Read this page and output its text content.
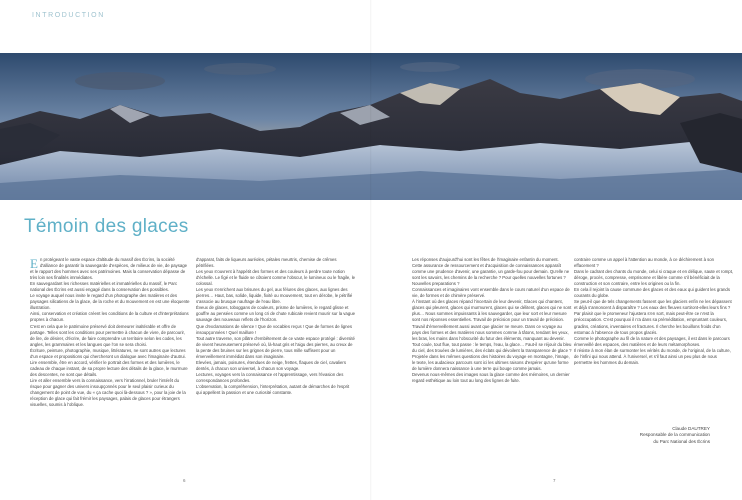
INTRODUCTION
Témoin des glaces

En protégeant le vaste espace d'altitude du massif des Écrins, la société d'alliance de garantir la sauvegarde d'espèces, de milieux de vie, de paysage et le rapport des hommes avec ses patrimoines. Mais la conservation dépasse de très loin ses finalités immédiates.

En sauvegardant les richesses matérielles et immatérielles du massif, le Parc national des Écrins est aussi engagé dans la conservation des possibles.

Le voyage auquel nous invite le regard d'un photographe des matières et des paysages silicatiens de la glace, de la roche et du mouvement en est une éloquente illustration.

Ainsi, conservation et création créent les conditions de la culture et d'interprétations propres à chacun.

C'est en cela que le patrimoine préservé doit demeurer inaltérable et offre de partage. Telles sont les conditions pour permettre à chacun de vivre, de parcourir, de lire, de désirer, d'écrire, de faire comprendre un territoire selon les codes, les angles, les grammaires et les langues que l'on se sera choisi.

Écriture, peinture, photographie, musique, littératures, ne sont autres que lectures d'un espace et propositions qui chercheront un dialogue avec l'imaginaire d'autrui.

Lire ensemble, être en accord, vérifier le portrait des formes et des lumières, le cadeau de chaque instant, de sa propre lecture des détails de la glace, le murmure des descentes, ne sont que détails.

Lire et aller ensemble vers la connaissance, vers l'irrationnel, bruler l'intérêt du risque pour gagner des univers insoupçonnés pour le seul plaisir curieux du changement de point de vue, du « ça cache quoi là-dessous ? », pour la joie de la réception de glace qui fait frémir les paysages, palais de glaces pour étrangers visuelles, soumis à l'oblique.

d'apparat, faits de liqueurs auréoles, pétales meurtris, chemise de crêmes pétrifiées.

Les yeux s'ouvrent à l'appétit des formes et des couleurs à perdre toute notion d'échelle. Le figé et le fluide se côtoient comme l'obscur, le lumineux ou le fragile, le colossal.

Les yeux s'enrichent aux brisures du gel, aux félures des glaces, aux lignes des pierres… Haut, bas, solide, liquide, fixité ou mouvement, tout en dérobe, le pétrifié s'associe au brusque naufrage de l'eau libre.

Éveux de glaces, toboggans de couleurs, prisme de lumières, le regard glisse et gouffre au pensées comme un long cri de chute rubicale revient mourir sur la vague sauvage des nouveaux reflets de l'horizon.

Que d'exclamations de silence ! Que de vocables reçus ! Que de formes de lignes insoupçonnées ! Quel maillure !

Tout autre traverse, son plâtre d'embêtement de ce vaste espace protégé : diversité de vivent heureusement préservé où, là-haut gris et l'aigu des pierres, au creux de la pente des bruines sur les grignes de pierre, tous mille suffisent pour un émerveillement immédiat dans son imaginaire.

Elevées, jamais, poisures, étendues de neige, frettes, flaques de ciel, cavaliers dentés, à chacun son universel, à chacun son voyage.

Lectures, voyages vers la connaissance et l'apprentissage, vers l'évasion des correspondances profondes.

L'observation, la compréhension, l'interprétation, autant de démarches de l'esprit qui appellent la passion et une curiosité constante.

Les réponses d'aujourd'hui sont les fêtes de l'imaginaire enfantin du moment.

Cette assurance de ressourcement et d'acquisition de connaissances apparaît comme une prudence d'avenir, une garantie, un garde-fou pour demain. Qu'elle ne sont les savoirs, les chemins de la recherche ? Pour quelles nouvelles fortunes ? Nouvelles preparations ?

Connaissances et imaginaires vont ensemble dans le cours naturel d'un espace de vie, de formes et de chimère préservé.

À l'instant où des glaces répand l'incertain de leur devenir, Glaces qui chantent, glaces qui pleurent, glaces qui murmurent, glaces qui se délitent, glaces qui ne sont plus… Nous sommes impuissants à les sauvegarder, que leur sort et leur mesure sont nos réponses essentielles. Travail de précision pour un travail de précision.

Travail d'émerveillement aussi avant que glacier ne meure. Dans ce voyage au pays des formes et des matières nous sommes comme à tâtons, tendant les yeux, les bras, les mains dans l'obscurité du futur des éléments, manquant au devenir.

Tout coule, tout flue, tout passe : le temps, l'eau, la glace… Faut-il se réjouir du bleu du ciel, des trouées de lumières, des éclats qui dévoilent la transparence de glace ?

Projetée dans les mêmes questions des histoires du voyage en montagne, l'image, le texte, les audacieux parcours sont ici les ultimes raisons d'espérer qu'une forme de lumière donnera naissance à une terre qui bouge comme jamais.

Devenus nous-mêmes des images sous la glace comme des mémoires, un dernier regard esthétique au loin tout au long des lignes de fuite.

contraire comme un appel à l'attention au monde, à ce déchirement à son effacement ?

Dans le cadrant des chants du monde, celui si craque et en délique, saute et rompt, déroge, procès, compresse, emprisonne et libère comme s'il bénéficiait de la construction et son contraire, entre les origines ou la fin.

En cela il rejoint la cause commune des glaces et des eaux qui guident les grands courants du globe.

Se peut-il que de tels changements fassent que les glaciers enfin ne les dépassent et déjà s'annoncent à disparaître ? Les eaux des fleuves sortiront-elles leurs fins ?

Par plaisir que le promeneur l'ajustera s'en sort, mais peut-être ce n'est la préoccupation. C'est pourquoi il n'a dans sa préméditation, empruntant couleurs, gradins, créations, inventaires et fractures. Il cherche les bouillons froids d'un estomac à l'absence de tous propos glacés.

Comme le photographe au fil de la nature et des paysages, il est dans le parcours émerveillé des espaces, des matières et de leurs métamorphoses.

Il résiste à mon élan de surmonter les vérités du monde, de l'original, de la culture, de l'infini qui nous attend. À l'universel, et s'il faut ainsi un peu plus de nous permettre les hommes du demain.

Claude DAUTREY
Responsable de la communication
du Parc National des Écrins
6	7
